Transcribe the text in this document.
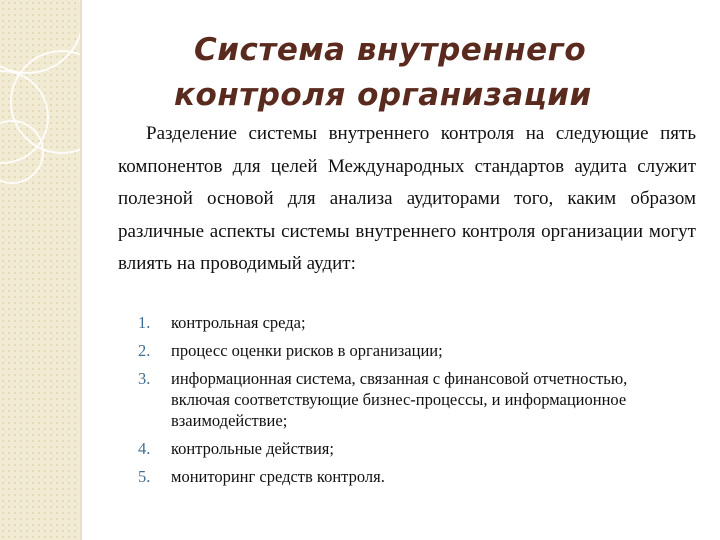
Система внутреннего
контроля организации

Разделение системы внутреннего контроля на следующие пять компонентов для целей Международных стандартов аудита служит полезной основой для анализа аудиторами того, каким образом различные аспекты системы внутреннего контроля организации могут влиять на проводимый аудит:

1.	контрольная среда;
2.	процесс оценки рисков в организации;
3.	информационная система, связанная с финансовой отчетностью, включая соответствующие бизнес-процессы, и информационное взаимодействие;
4.	контрольные действия;
5.	мониторинг средств контроля.
